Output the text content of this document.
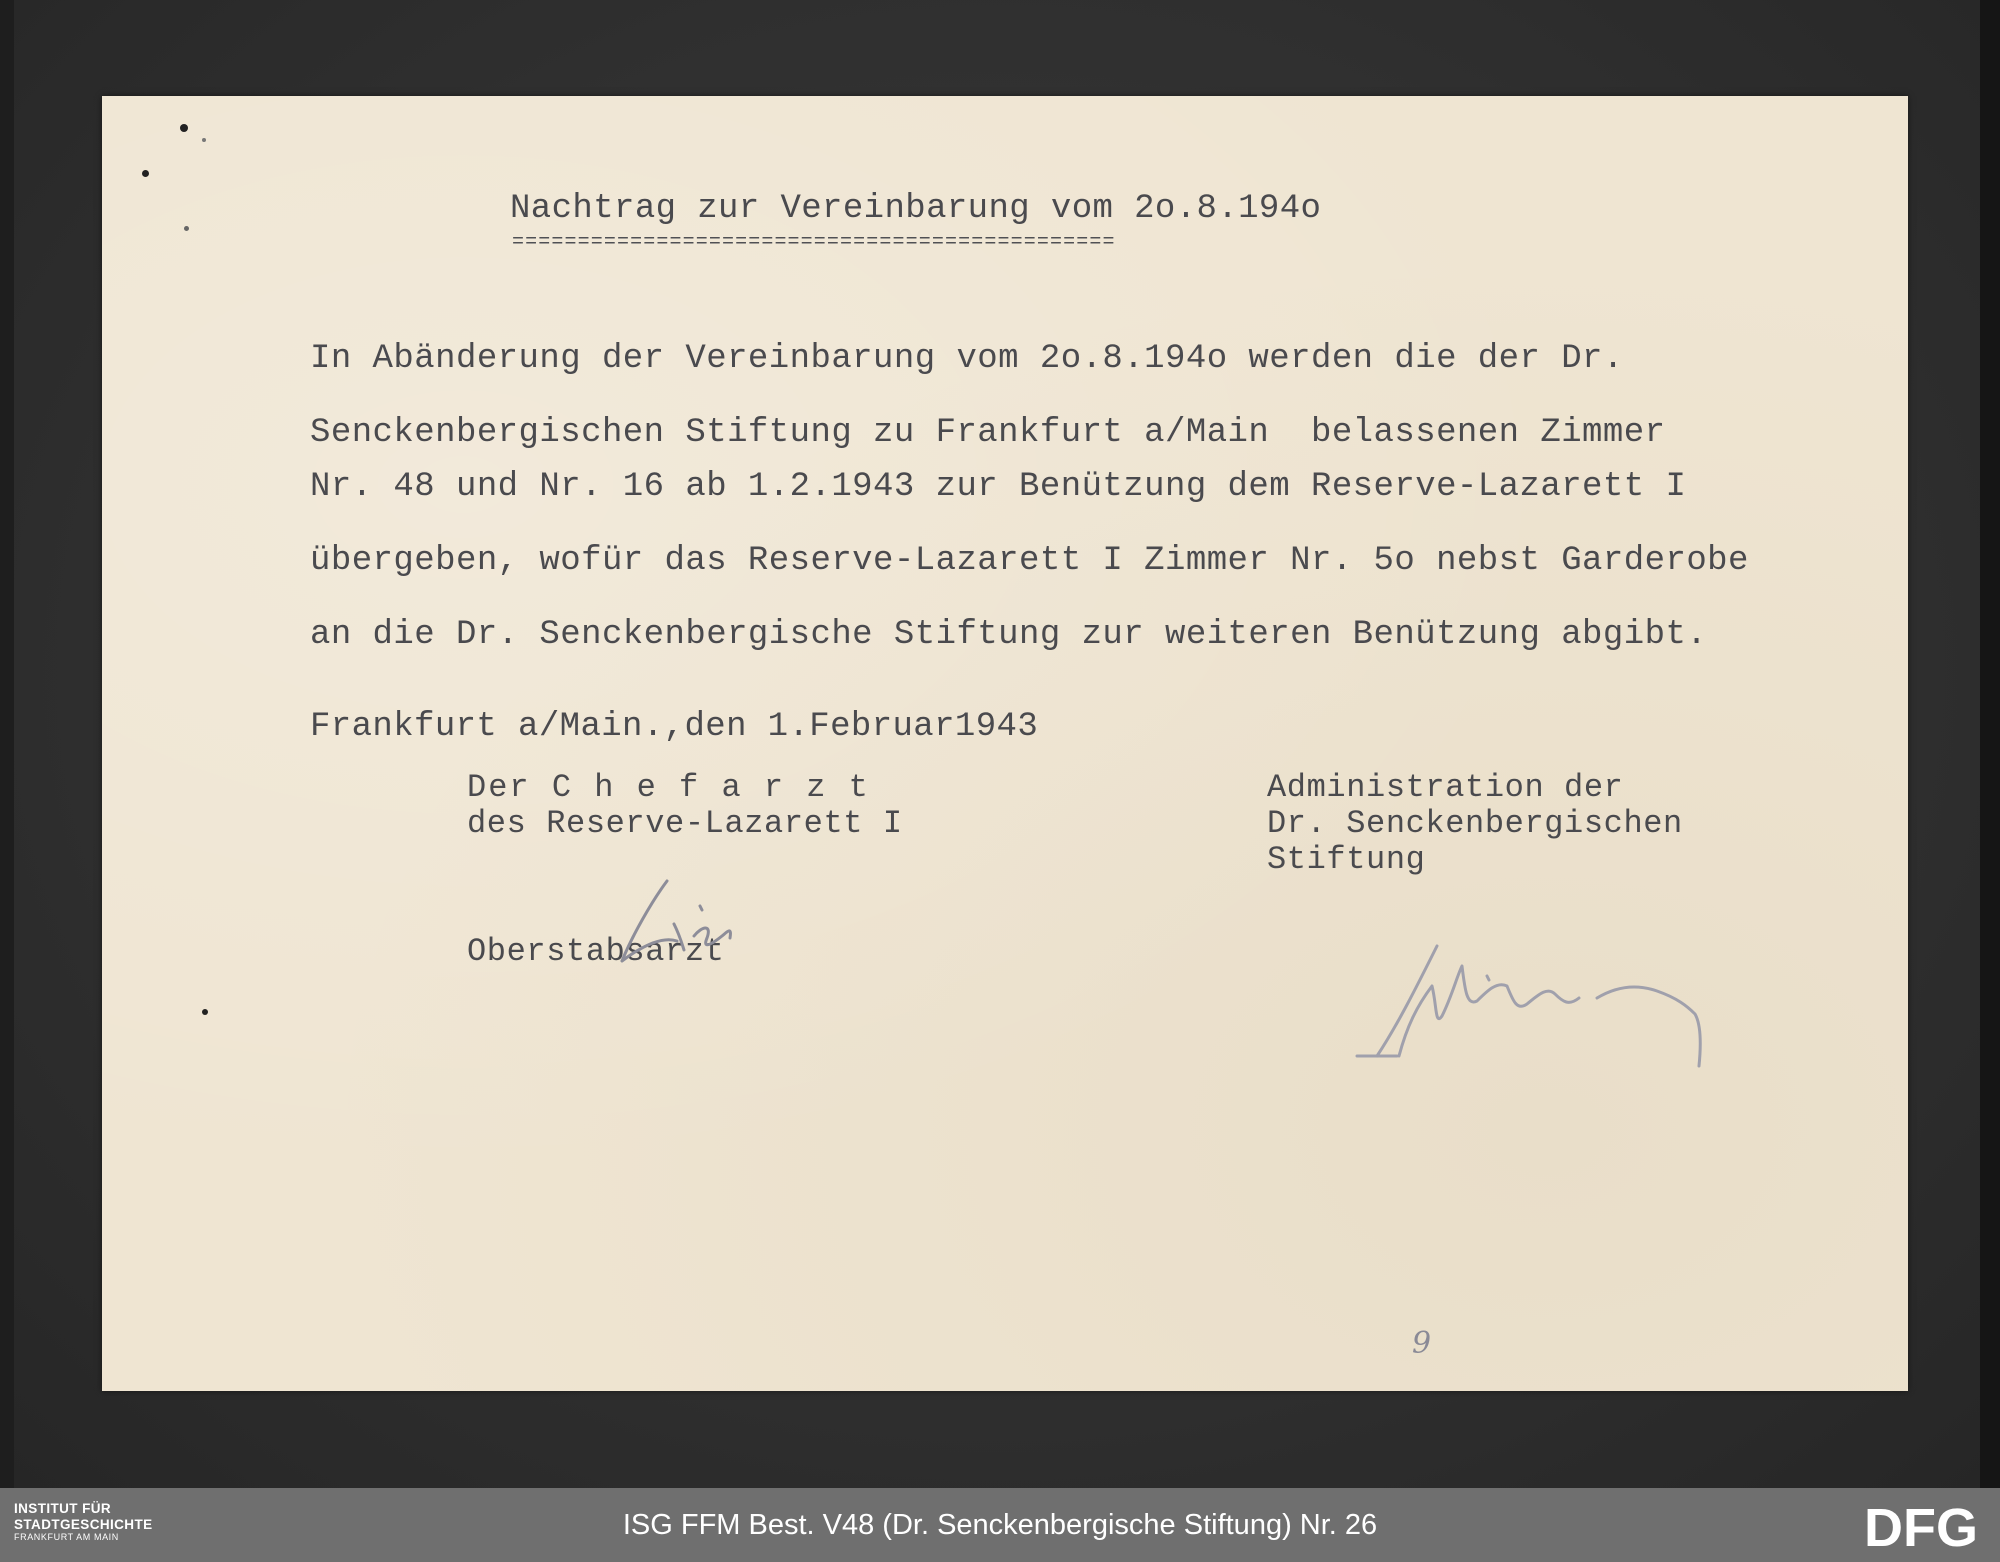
Nachtrag zur Vereinbarung vom 2o.8.194o

==============================================

In Abänderung der Vereinbarung vom 2o.8.194o werden die der Dr.

Senckenbergischen Stiftung zu Frankfurt a/Main  belassenen Zimmer

Nr. 48 und Nr. 16 ab 1.2.1943 zur Benützung dem Reserve-Lazarett I

übergeben, wofür das Reserve-Lazarett I Zimmer Nr. 5o nebst Garderobe

an die Dr. Senckenbergische Stiftung zur weiteren Benützung abgibt.

Frankfurt a/Main.,den 1.Februar1943

Der C h e f a r z t

des Reserve-Lazarett I

Oberstabsarzt

Administration der

Dr. Senckenbergischen

Stiftung

9
INSTITUT FÜR
STADTGESCHICHTE
FRANKFURT AM MAIN	ISG FFM Best. V48 (Dr. Senckenbergische Stiftung) Nr. 26	DFG
